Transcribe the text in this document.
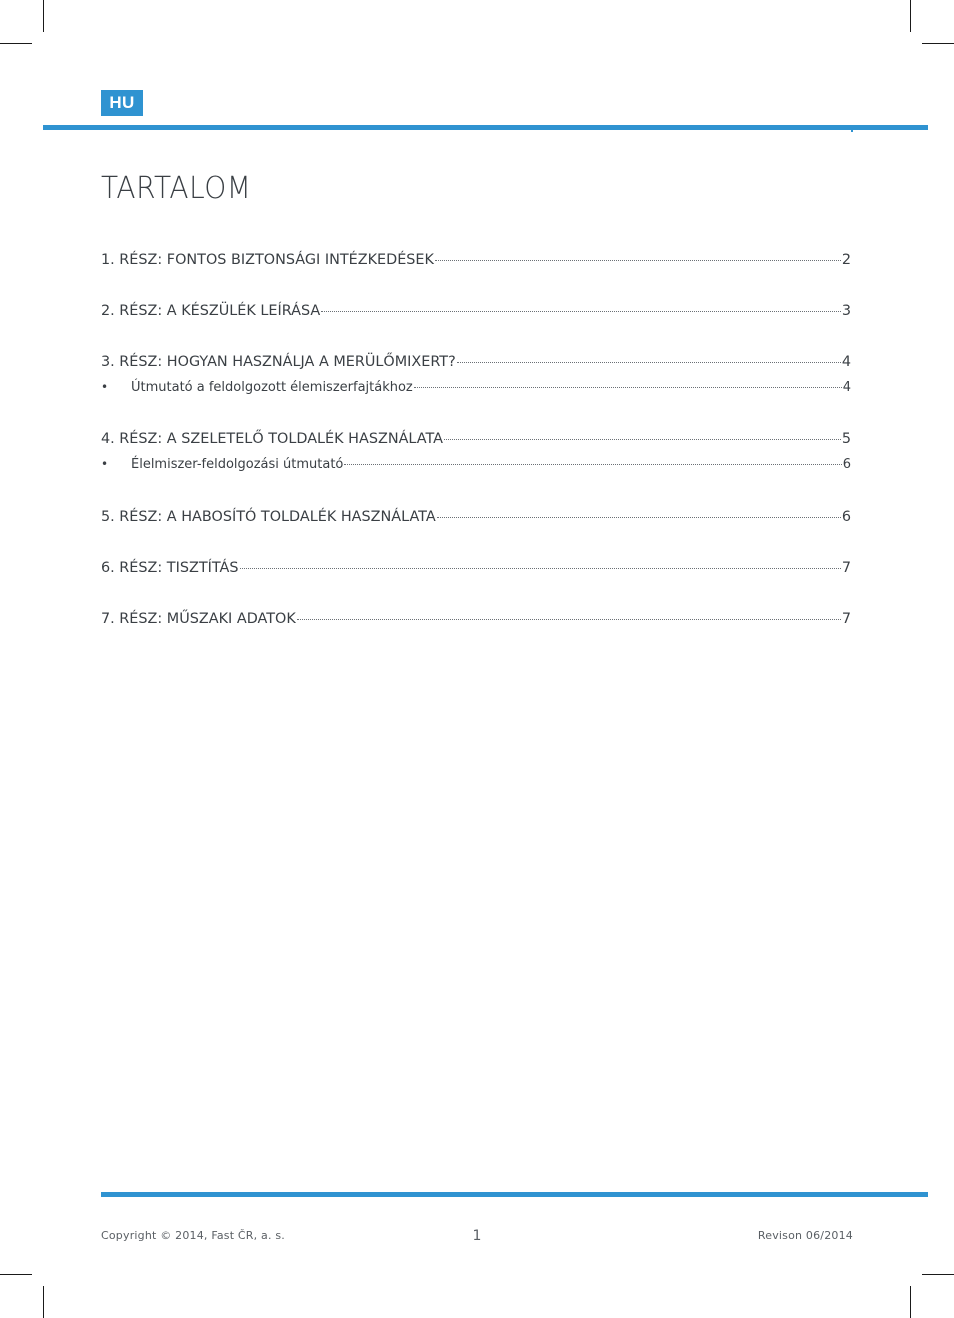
HU
TARTALOM
1. RÉSZ: FONTOS BIZTONSÁGI INTÉZKEDÉSEK	2
2. RÉSZ: A KÉSZÜLÉK LEÍRÁSA	3
3. RÉSZ: HOGYAN HASZNÁLJA A MERÜLŐMIXERT?	4
•	Útmutató a feldolgozott élemiszerfajtákhoz	4
4. RÉSZ: A SZELETELŐ TOLDALÉK HASZNÁLATA	5
•	Élelmiszer-feldolgozási útmutató	6
5. RÉSZ: A HABOSÍTÓ TOLDALÉK HASZNÁLATA	6
6. RÉSZ: TISZTÍTÁS	7
7. RÉSZ: MŰSZAKI ADATOK	7
Copyright © 2014, Fast ČR, a. s.	1	Revison 06/2014
